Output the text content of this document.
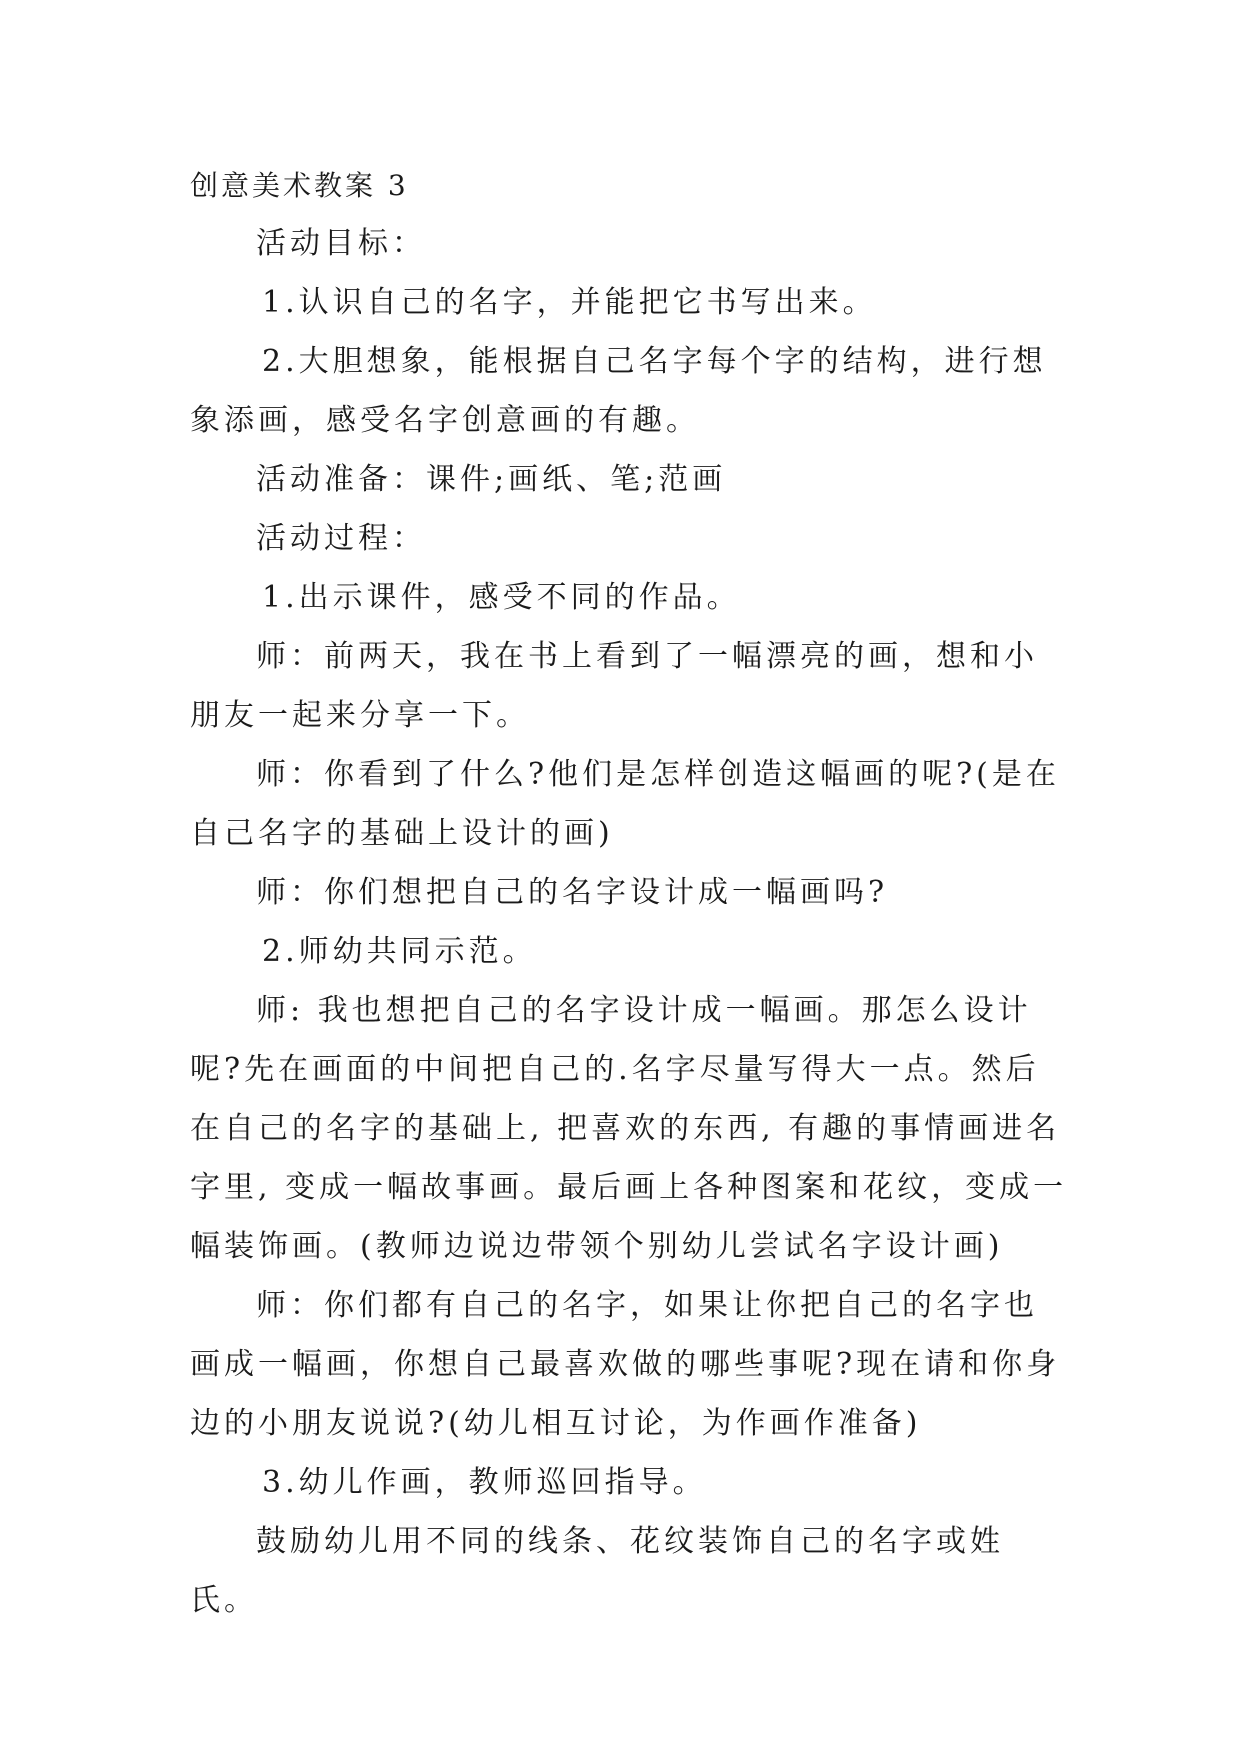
创意美术教案 3

活动目标：

1.认识自己的名字，并能把它书写出来。

2.大胆想象，能根据自己名字每个字的结构，进行想象添画，感受名字创意画的有趣。

活动准备：课件;画纸、笔;范画

活动过程：

1.出示课件，感受不同的作品。

师：前两天，我在书上看到了一幅漂亮的画，想和小朋友一起来分享一下。

师：你看到了什么?他们是怎样创造这幅画的呢?(是在自己名字的基础上设计的画)

师：你们想把自己的名字设计成一幅画吗?

2.师幼共同示范。

师: 我也想把自己的名字设计成一幅画。那怎么设计呢?先在画面的中间把自己的.名字尽量写得大一点。然后在自己的名字的基础上, 把喜欢的东西, 有趣的事情画进名字里, 变成一幅故事画。最后画上各种图案和花纹，变成一幅装饰画。(教师边说边带领个别幼儿尝试名字设计画)

师：你们都有自己的名字，如果让你把自己的名字也画成一幅画，你想自己最喜欢做的哪些事呢?现在请和你身边的小朋友说说?(幼儿相互讨论，为作画作准备)

3.幼儿作画，教师巡回指导。

鼓励幼儿用不同的线条、花纹装饰自己的名字或姓氏。
